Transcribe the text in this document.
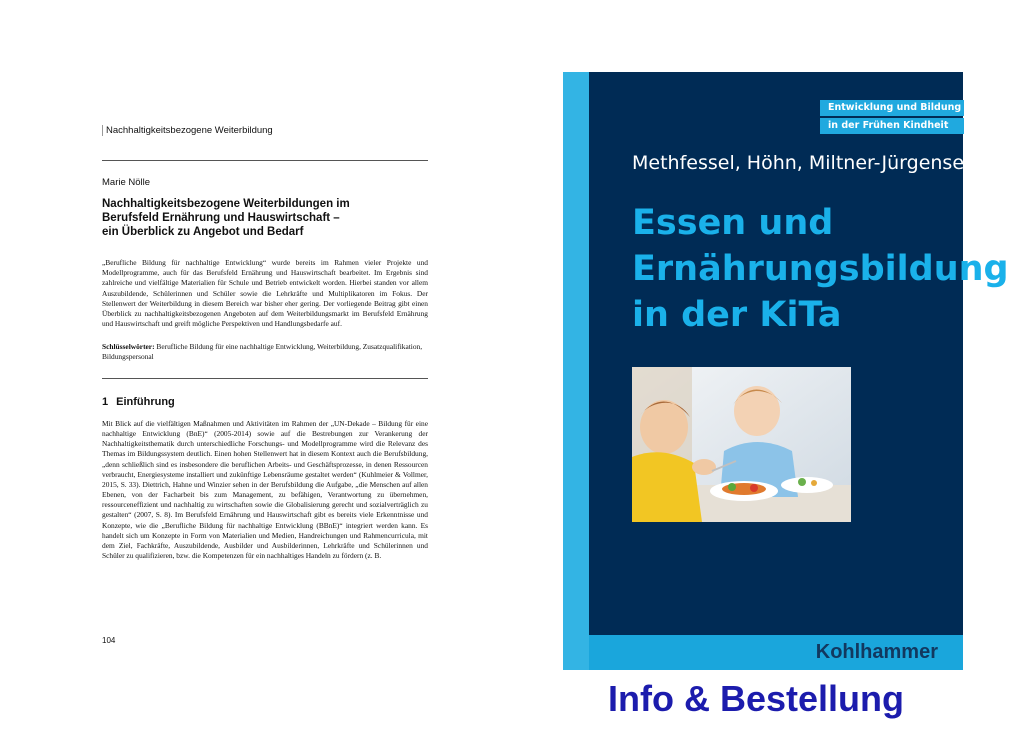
Nachhaltigkeitsbezogene Weiterbildung
Marie Nölle
Nachhaltigkeitsbezogene Weiterbildungen im
Berufsfeld Ernährung und Hauswirtschaft –
ein Überblick zu Angebot und Bedarf

„Berufliche Bildung für nachhaltige Entwicklung“ wurde bereits im Rahmen vieler Projekte und Modellprogramme, auch für das Berufsfeld Ernährung und Hauswirtschaft bearbeitet. Im Ergebnis sind zahlreiche und vielfältige Materialien für Schule und Betrieb entwickelt worden. Hierbei standen vor allem Auszubildende, Schülerinnen und Schüler sowie die Lehrkräfte und Multiplikatoren im Fokus. Der Stellenwert der Weiterbildung in diesem Bereich war bisher eher gering. Der vorliegende Beitrag gibt einen Überblick zu nachhaltigkeitsbezogenen Angeboten auf dem Weiterbildungsmarkt im Berufsfeld Ernährung und Hauswirtschaft und greift mögliche Perspektiven und Handlungsbedarfe auf.

Schlüsselwörter: Berufliche Bildung für eine nachhaltige Entwicklung, Weiterbildung, Zusatzqualifikation, Bildungspersonal

1 Einführung

Mit Blick auf die vielfältigen Maßnahmen und Aktivitäten im Rahmen der „UN-Dekade – Bildung für eine nachhaltige Entwicklung (BnE)“ (2005-2014) sowie auf die Bestrebungen zur Verankerung der Nachhaltigkeitsthematik durch unterschiedliche Forschungs- und Modellprogramme wird die Relevanz des Themas im Bildungssystem deutlich. Einen hohen Stellenwert hat in diesem Kontext auch die Berufsbildung, „denn schließlich sind es insbesondere die beruflichen Arbeits- und Geschäftsprozesse, in denen Ressourcen verbraucht, Energiesysteme installiert und zukünftige Lebensräume gestaltet werden“ (Kuhlmeier & Vollmer, 2015, S. 33). Diettrich, Hahne und Winzier sehen in der Berufsbildung die Aufgabe, „die Menschen auf allen Ebenen, von der Facharbeit bis zum Management, zu befähigen, Verantwortung zu übernehmen, ressourceneffizient und nachhaltig zu wirtschaften sowie die Globalisierung gerecht und sozialverträglich zu gestalten“ (2007, S. 8). Im Berufsfeld Ernährung und Hauswirtschaft gibt es bereits viele Erkenntnisse und Konzepte, wie die „Berufliche Bildung für nachhaltige Entwicklung (BBnE)“ integriert werden kann. Es handelt sich um Konzepte in Form von Materialien und Medien, Handreichungen und Rahmencurricula, mit dem Ziel, Fachkräfte, Auszubildende, Ausbilder und Ausbilderinnen, Lehrkräfte und Schülerinnen und Schüler zu qualifizieren, bzw. die Kompetenzen für ein nachhaltiges Handeln zu fördern (z. B.

104
Entwicklung und Bildung
in der Frühen Kindheit
Methfessel, Höhn, Miltner-Jürgensen
Essen und
Ernährungsbildung
in der KiTa
Kohlhammer
Info & Bestellung
